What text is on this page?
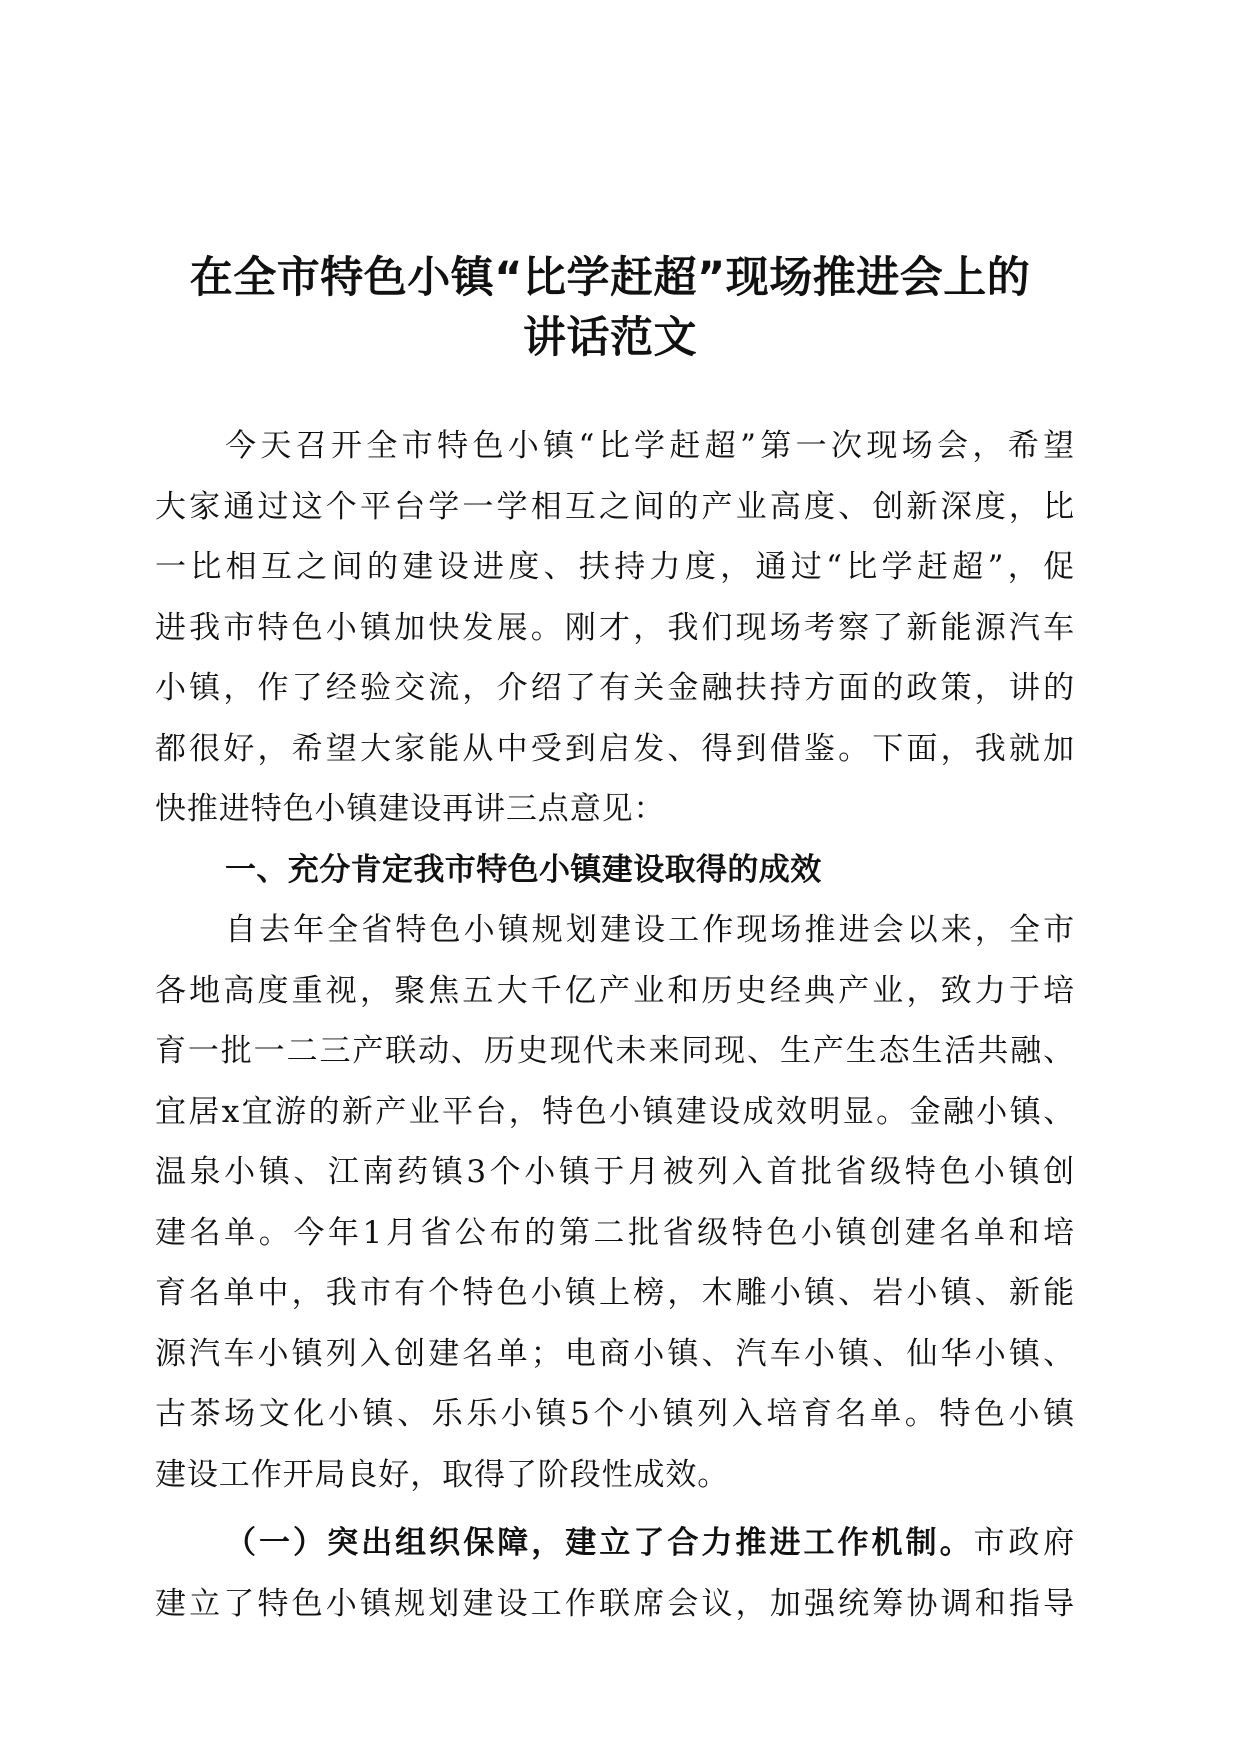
在全市特色小镇“比学赶超”现场推进会上的
讲话范文
今天召开全市特色小镇“比学赶超”第一次现场会，希望
大家通过这个平台学一学相互之间的产业高度、创新深度，比
一比相互之间的建设进度、扶持力度，通过“比学赶超”，促
进我市特色小镇加快发展。刚才，我们现场考察了新能源汽车
小镇，作了经验交流，介绍了有关金融扶持方面的政策，讲的
都很好，希望大家能从中受到启发、得到借鉴。下面，我就加
快推进特色小镇建设再讲三点意见：
一、充分肯定我市特色小镇建设取得的成效
自去年全省特色小镇规划建设工作现场推进会以来，全市
各地高度重视，聚焦五大千亿产业和历史经典产业，致力于培
育一批一二三产联动、历史现代未来同现、生产生态生活共融、
宜居x宜游的新产业平台，特色小镇建设成效明显。金融小镇、
温泉小镇、江南药镇3个小镇于月被列入首批省级特色小镇创
建名单。今年1月省公布的第二批省级特色小镇创建名单和培
育名单中，我市有个特色小镇上榜，木雕小镇、岩小镇、新能
源汽车小镇列入创建名单；电商小镇、汽车小镇、仙华小镇、
古茶场文化小镇、乐乐小镇5个小镇列入培育名单。特色小镇
建设工作开局良好，取得了阶段性成效。
（一）突出组织保障，建立了合力推进工作机制。市政府
建立了特色小镇规划建设工作联席会议，加强统筹协调和指导
